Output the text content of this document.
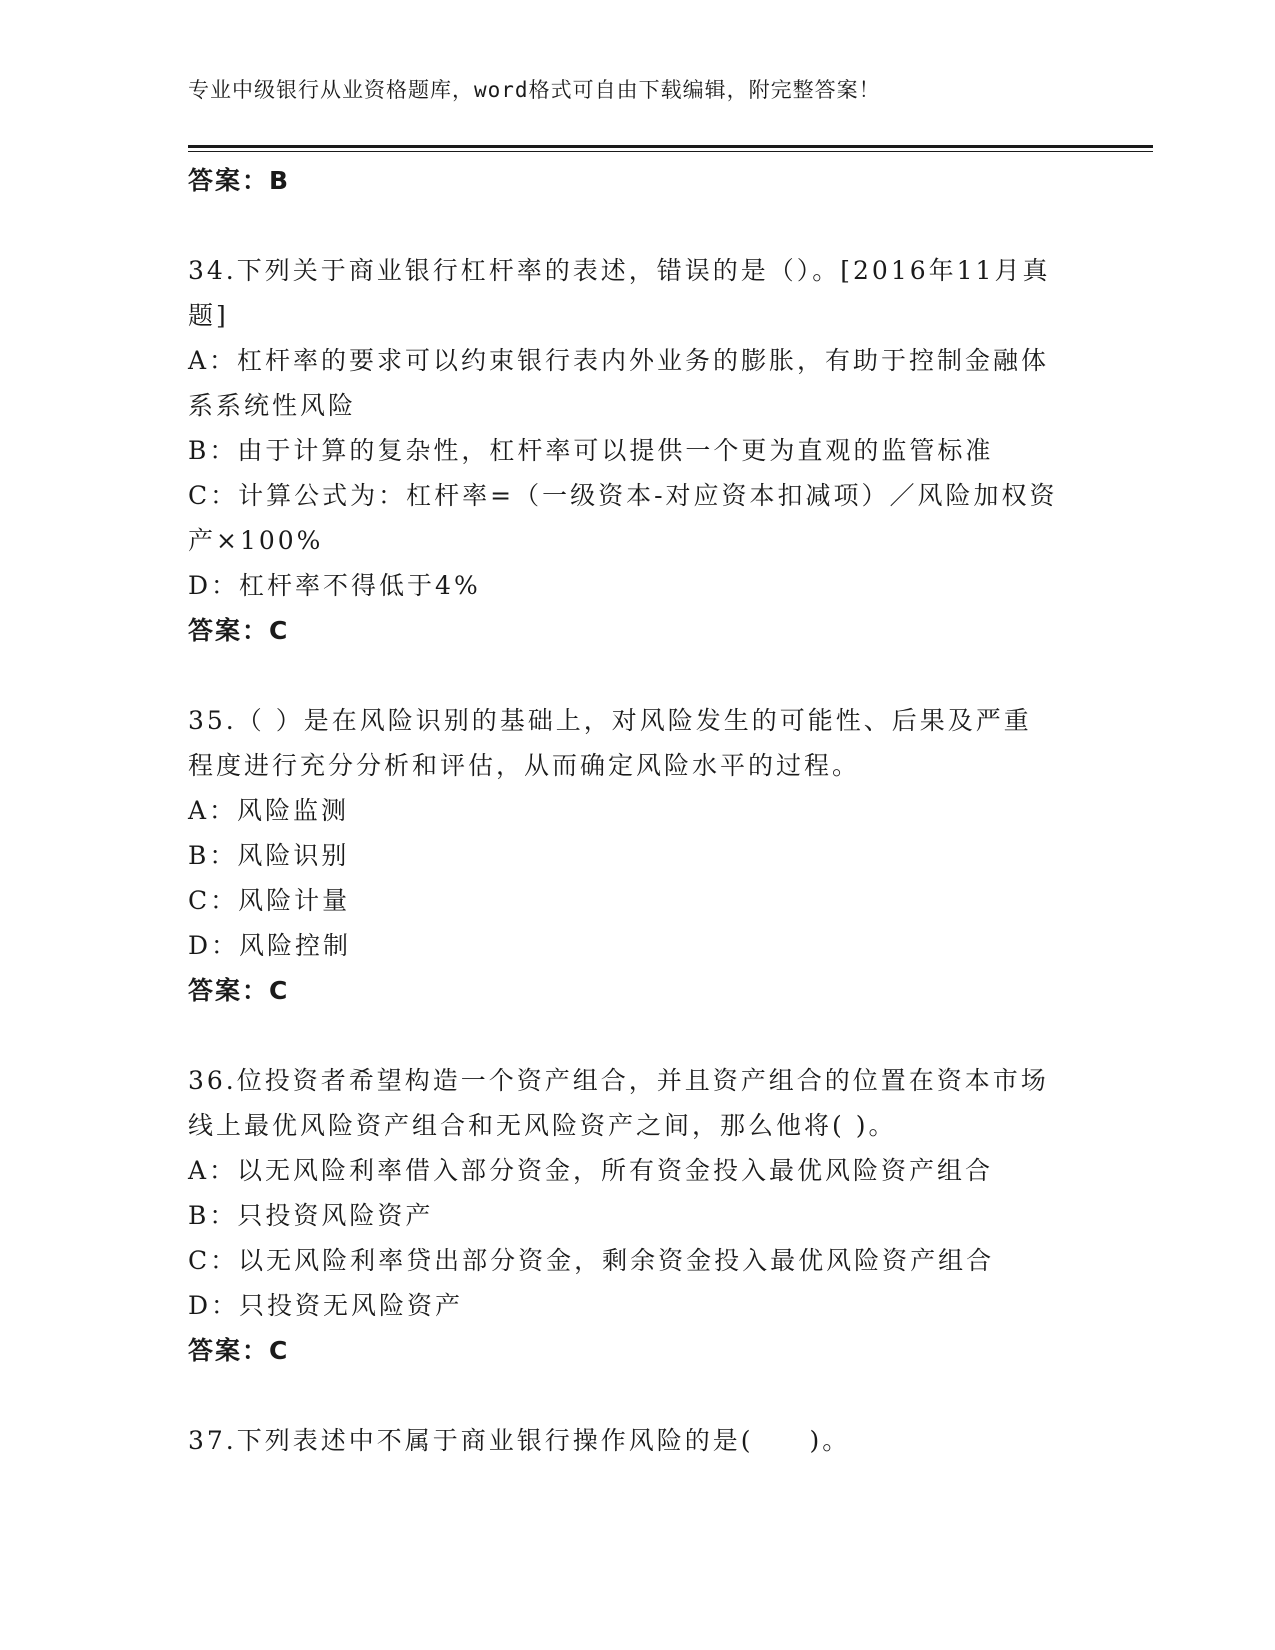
专业中级银行从业资格题库，word格式可自由下载编辑，附完整答案！
答案：B
34.下列关于商业银行杠杆率的表述，错误的是（）。[2016年11月真
题]
A：杠杆率的要求可以约束银行表内外业务的膨胀，有助于控制金融体
系系统性风险
B：由于计算的复杂性，杠杆率可以提供一个更为直观的监管标准
C：计算公式为：杠杆率=（一级资本-对应资本扣减项）／风险加权资
产×100%
D：杠杆率不得低于4%
答案：C
35.（ ）是在风险识别的基础上，对风险发生的可能性、后果及严重
程度进行充分分析和评估，从而确定风险水平的过程。
A：风险监测
B：风险识别
C：风险计量
D：风险控制
答案：C
36.位投资者希望构造一个资产组合，并且资产组合的位置在资本市场
线上最优风险资产组合和无风险资产之间，那么他将( )。
A：以无风险利率借入部分资金，所有资金投入最优风险资产组合
B：只投资风险资产
C：以无风险利率贷出部分资金，剩余资金投入最优风险资产组合
D：只投资无风险资产
答案：C
37.下列表述中不属于商业银行操作风险的是(　　)。
